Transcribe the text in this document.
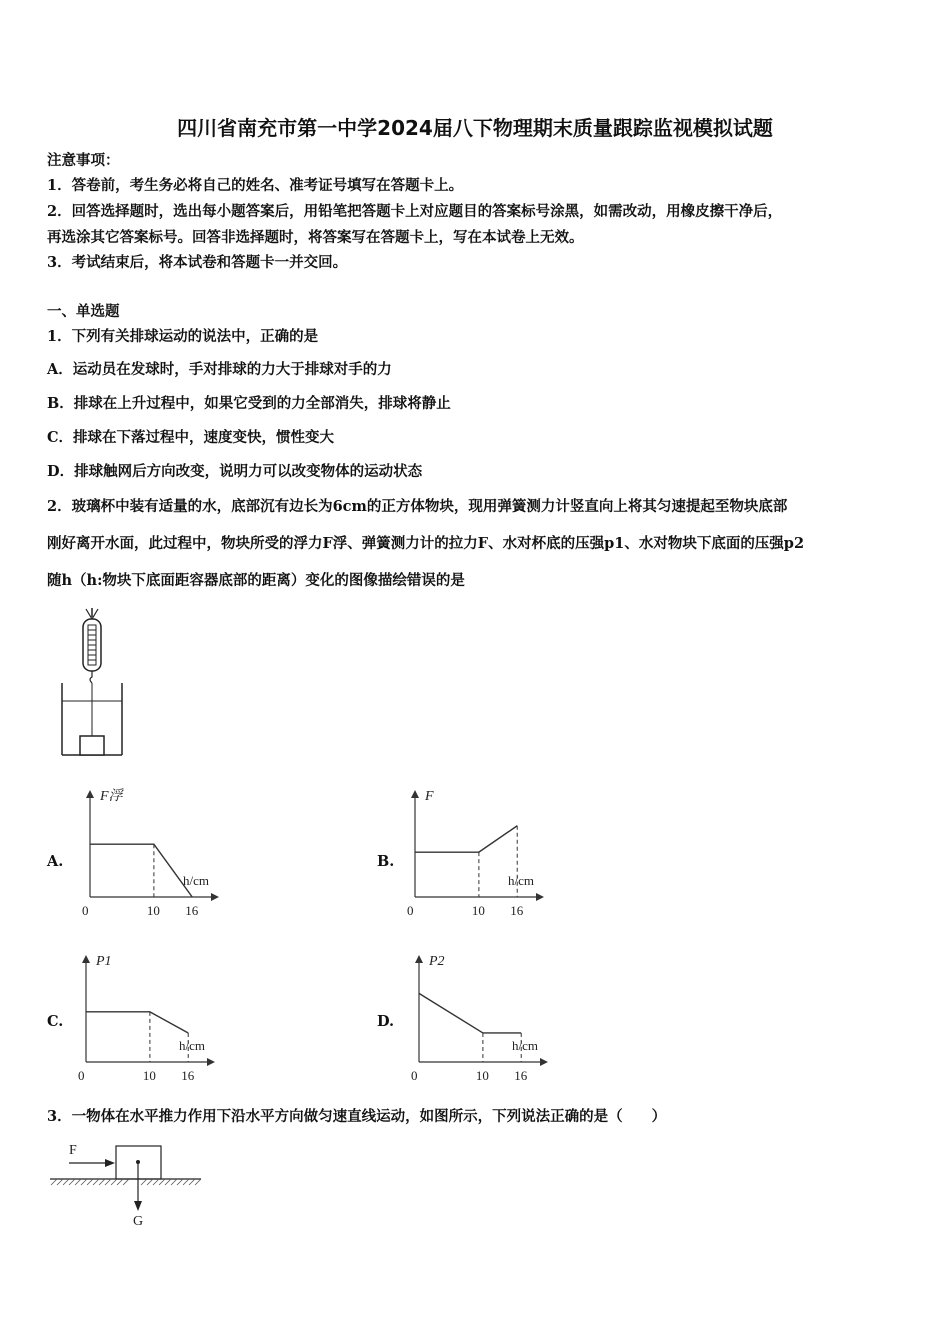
四川省南充市第一中学2024届八下物理期末质量跟踪监视模拟试题
注意事项：
1．答卷前，考生务必将自己的姓名、准考证号填写在答题卡上。
2．回答选择题时，选出每小题答案后，用铅笔把答题卡上对应题目的答案标号涂黑，如需改动，用橡皮擦干净后，
再选涂其它答案标号。回答非选择题时，将答案写在答题卡上，写在本试卷上无效。
3．考试结束后，将本试卷和答题卡一并交回。
一、单选题
1．下列有关排球运动的说法中，正确的是
A．运动员在发球时，手对排球的力大于排球对手的力
B．排球在上升过程中，如果它受到的力全部消失，排球将静止
C．排球在下落过程中，速度变快，惯性变大
D．排球触网后方向改变，说明力可以改变物体的运动状态
2．玻璃杯中装有适量的水，底部沉有边长为6cm的正方体物块，现用弹簧测力计竖直向上将其匀速提起至物块底部
刚好离开水面，此过程中，物块所受的浮力F浮、弹簧测力计的拉力F、水对杯底的压强p1、水对物块下底面的压强p2
随h（h:物块下底面距容器底部的距离）变化的图像描绘错误的是
A.	B.
C.	D.
F浮
h/cm
0	10 16
F
h/cm
0	10 16
P1
h/cm
0	10 16
P2
h/cm
0	10 16
3．一物体在水平推力作用下沿水平方向做匀速直线运动，如图所示，下列说法正确的是（　　）
F
G
